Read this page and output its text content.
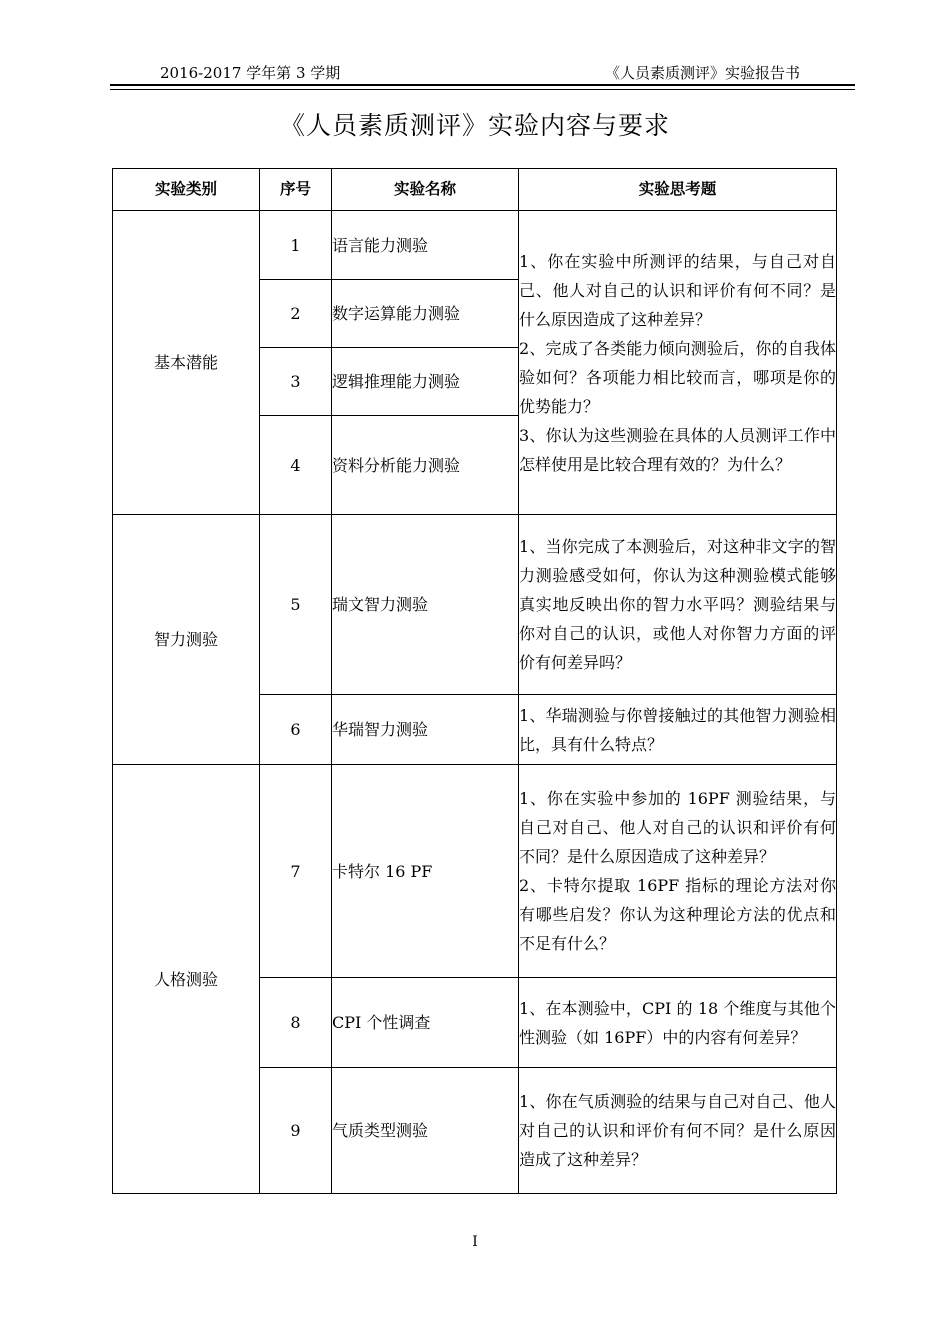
2016-2017 学年第 3 学期	《人员素质测评》实验报告书
《人员素质测评》实验内容与要求
实验类别	序号	实验名称	实验思考题
基本潜能	1	语言能力测验	1、你在实验中所测评的结果，与自己对自己、他人对自己的认识和评价有何不同？是什么原因造成了这种差异？
2、完成了各类能力倾向测验后，你的自我体验如何？各项能力相比较而言，哪项是你的优势能力？
3、你认为这些测验在具体的人员测评工作中怎样使用是比较合理有效的？为什么？

	2	数字运算能力测验	
	3	逻辑推理能力测验	
	4	资料分析能力测验	
智力测验	5	瑞文智力测验	1、当你完成了本测验后，对这种非文字的智力测验感受如何，你认为这种测验模式能够真实地反映出你的智力水平吗？测验结果与你对自己的认识，或他人对你智力方面的评价有何差异吗？

	6	华瑞智力测验	1、华瑞测验与你曾接触过的其他智力测验相比，具有什么特点？

人格测验	7	卡特尔 16 PF	1、你在实验中参加的 16PF 测验结果，与自己对自己、他人对自己的认识和评价有何不同？是什么原因造成了这种差异？
2、卡特尔提取 16PF 指标的理论方法对你有哪些启发？你认为这种理论方法的优点和不足有什么？

	8	CPI 个性调查	1、在本测验中，CPI 的 18 个维度与其他个性测验（如 16PF）中的内容有何差异？

	9	气质类型测验	1、你在气质测验的结果与自己对自己、他人对自己的认识和评价有何不同？是什么原因造成了这种差异？
I
